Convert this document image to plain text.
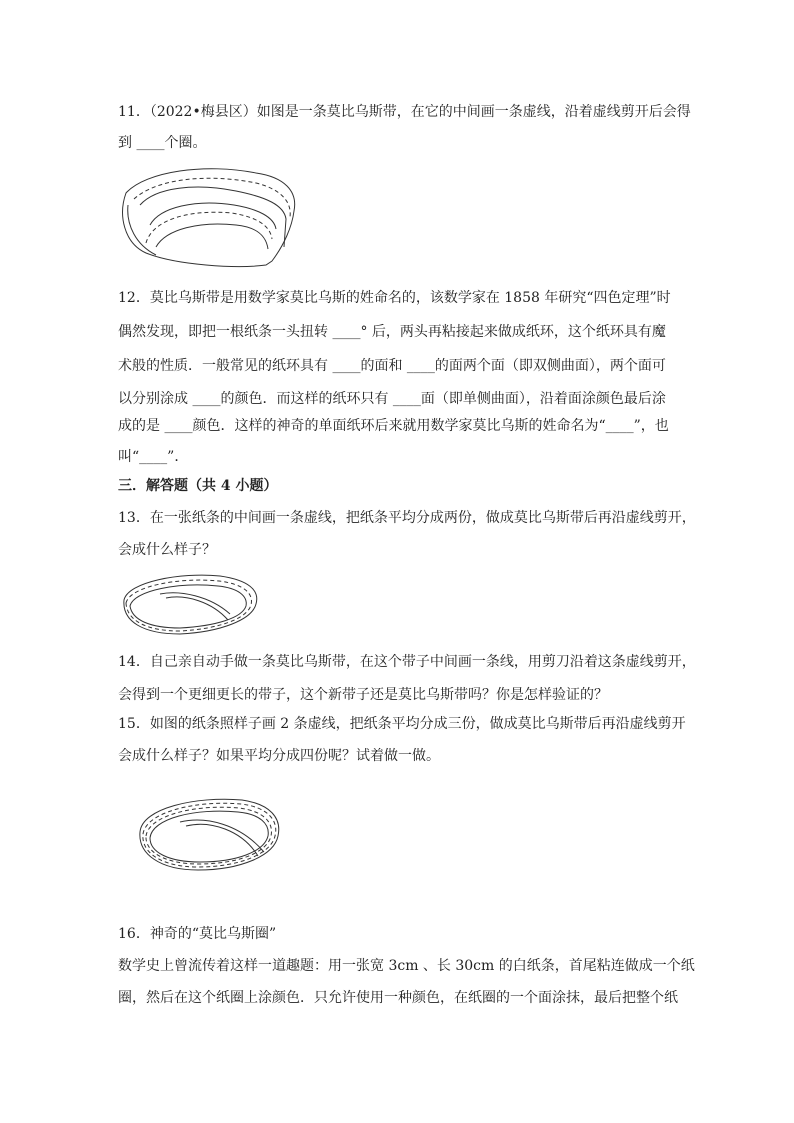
11．（2022•梅县区）如图是一条莫比乌斯带，在它的中间画一条虚线，沿着虚线剪开后会得
到 ____个圈。
12．莫比乌斯带是用数学家莫比乌斯的姓命名的，该数学家在 1858 年研究“四色定理”时
偶然发现，即把一根纸条一头扭转 ____° 后，两头再粘接起来做成纸环，这个纸环具有魔
术般的性质．一般常见的纸环具有 ____的面和 ____的面两个面（即双侧曲面），两个面可
以分别涂成 ____的颜色．而这样的纸环只有 ____面（即单侧曲面），沿着面涂颜色最后涂
成的是 ____颜色．这样的神奇的单面纸环后来就用数学家莫比乌斯的姓命名为“____”，也
叫“____”．
三．解答题（共 4 小题）
13．在一张纸条的中间画一条虚线，把纸条平均分成两份，做成莫比乌斯带后再沿虚线剪开，
会成什么样子？
14．自己亲自动手做一条莫比乌斯带，在这个带子中间画一条线，用剪刀沿着这条虚线剪开，
会得到一个更细更长的带子，这个新带子还是莫比乌斯带吗？你是怎样验证的？
15．如图的纸条照样子画 2 条虚线，把纸条平均分成三份，做成莫比乌斯带后再沿虚线剪开
会成什么样子？如果平均分成四份呢？试着做一做。
16．神奇的“莫比乌斯圈”
数学史上曾流传着这样一道趣题：用一张宽 3cm 、长 30cm 的白纸条，首尾粘连做成一个纸
圈，然后在这个纸圈上涂颜色．只允许使用一种颜色，在纸圈的一个面涂抹，最后把整个纸
